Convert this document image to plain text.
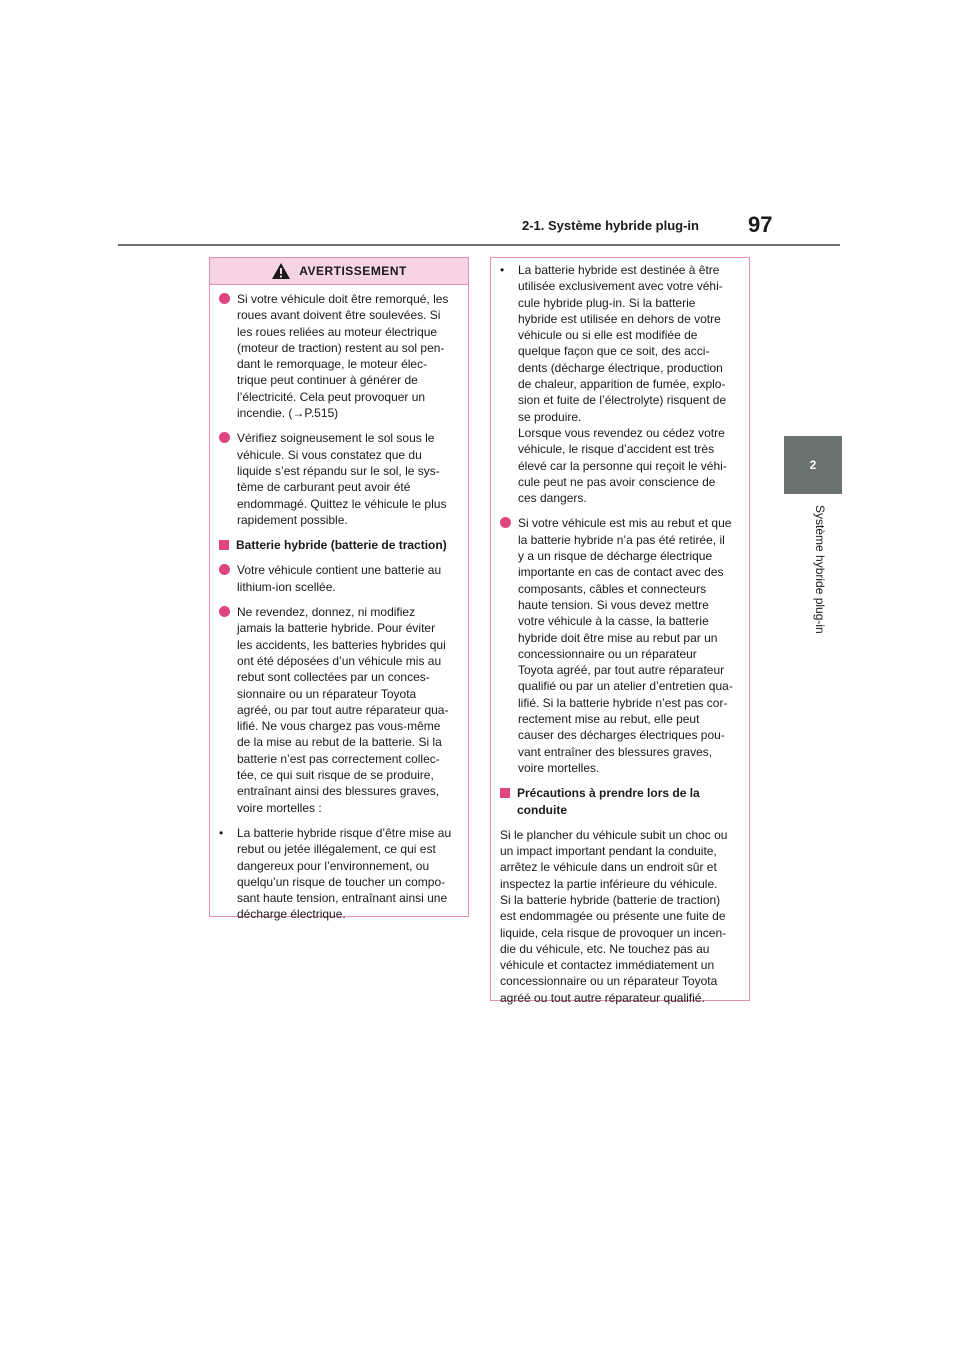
2-1. Système hybride plug-in 97
2
Système hybride plug-in
AVERTISSEMENT
Si votre véhicule doit être remorqué, les
roues avant doivent être soulevées. Si
les roues reliées au moteur électrique
(moteur de traction) restent au sol pen-
dant le remorquage, le moteur élec-
trique peut continuer à générer de
l’électricité. Cela peut provoquer un
incendie. (→P.515)
Vérifiez soigneusement le sol sous le
véhicule. Si vous constatez que du
liquide s’est répandu sur le sol, le sys-
tème de carburant peut avoir été
endommagé. Quittez le véhicule le plus
rapidement possible.
Batterie hybride (batterie de traction)
Votre véhicule contient une batterie au
lithium-ion scellée.
Ne revendez, donnez, ni modifiez
jamais la batterie hybride. Pour éviter
les accidents, les batteries hybrides qui
ont été déposées d’un véhicule mis au
rebut sont collectées par un conces-
sionnaire ou un réparateur Toyota
agréé, ou par tout autre réparateur qua-
lifié. Ne vous chargez pas vous-même
de la mise au rebut de la batterie. Si la
batterie n’est pas correctement collec-
tée, ce qui suit risque de se produire,
entraînant ainsi des blessures graves,
voire mortelles :
•	La batterie hybride risque d’être mise au
rebut ou jetée illégalement, ce qui est
dangereux pour l’environnement, ou
quelqu’un risque de toucher un compo-
sant haute tension, entraînant ainsi une
décharge électrique.
•	La batterie hybride est destinée à être
utilisée exclusivement avec votre véhi-
cule hybride plug-in. Si la batterie
hybride est utilisée en dehors de votre
véhicule ou si elle est modifiée de
quelque façon que ce soit, des acci-
dents (décharge électrique, production
de chaleur, apparition de fumée, explo-
sion et fuite de l’électrolyte) risquent de
se produire.
Lorsque vous revendez ou cédez votre
véhicule, le risque d’accident est très
élevé car la personne qui reçoit le véhi-
cule peut ne pas avoir conscience de
ces dangers.
Si votre véhicule est mis au rebut et que
la batterie hybride n’a pas été retirée, il
y a un risque de décharge électrique
importante en cas de contact avec des
composants, câbles et connecteurs
haute tension. Si vous devez mettre
votre véhicule à la casse, la batterie
hybride doit être mise au rebut par un
concessionnaire ou un réparateur
Toyota agréé, par tout autre réparateur
qualifié ou par un atelier d’entretien qua-
lifié. Si la batterie hybride n’est pas cor-
rectement mise au rebut, elle peut
causer des décharges électriques pou-
vant entraîner des blessures graves,
voire mortelles.
Précautions à prendre lors de la
conduite

Si le plancher du véhicule subit un choc ou
un impact important pendant la conduite,
arrêtez le véhicule dans un endroit sûr et
inspectez la partie inférieure du véhicule.
Si la batterie hybride (batterie de traction)
est endommagée ou présente une fuite de
liquide, cela risque de provoquer un incen-
die du véhicule, etc. Ne touchez pas au
véhicule et contactez immédiatement un
concessionnaire ou un réparateur Toyota
agréé ou tout autre réparateur qualifié.
